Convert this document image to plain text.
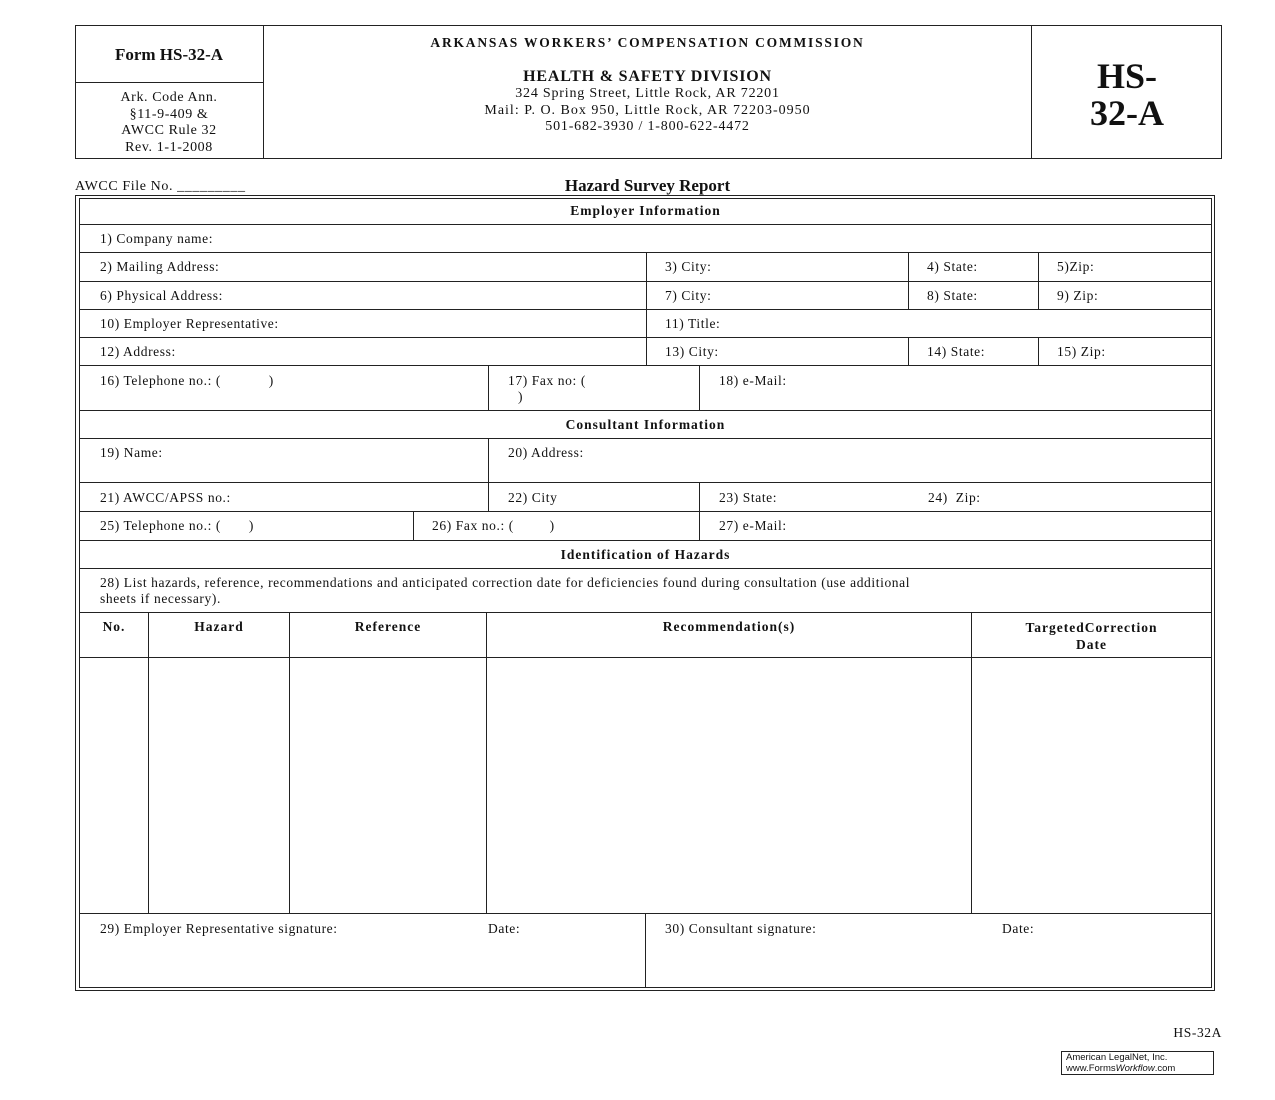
Form HS-32-A
Ark. Code Ann.
§11-9-409 &
AWCC Rule 32
Rev. 1-1-2008
ARKANSAS WORKERS’ COMPENSATION COMMISSION
HEALTH & SAFETY DIVISION
324 Spring Street, Little Rock, AR 72201
Mail: P. O. Box 950, Little Rock, AR 72203-0950
501-682-3930 / 1-800-622-4472
HS-
32-A
AWCC File No. _________	Hazard Survey Report
Employer Information
1) Company name:
2) Mailing Address:	3) City:	4) State:	5)Zip:
6) Physical Address:	7) City:	8) State:	9) Zip:
10) Employer Representative:	11) Title:
12) Address:	13) City:	14) State:	15) Zip:
16) Telephone no.: (            )	17) Fax no: (
)
18) e-Mail:
Consultant Information
19) Name:	20) Address:
21) AWCC/APSS no.:	22) City	23) State:	24)  Zip:
25) Telephone no.: (       )	26) Fax no.: (         )	27) e-Mail:
Identification of Hazards
28) List hazards, reference, recommendations and anticipated correction date for deficiencies found during consultation (use additional
sheets if necessary).
No.	Hazard	Reference	Recommendation(s)	TargetedCorrection
Date
29) Employer Representative signature:	Date:	30) Consultant signature:	Date:
HS-32A
American LegalNet, Inc.
www.FormsWorkflow.com
